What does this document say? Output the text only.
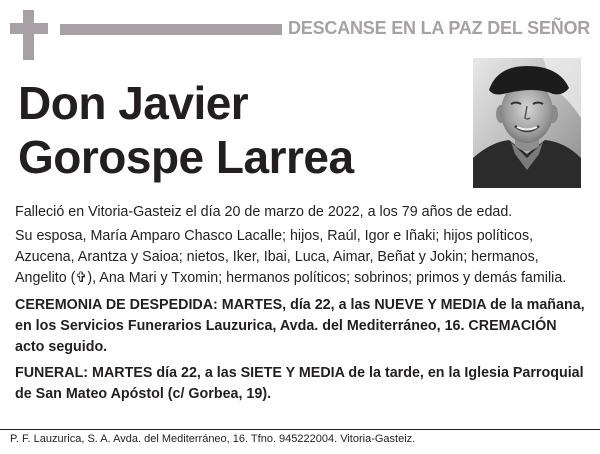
DESCANSE EN LA PAZ DEL SEÑOR
Don Javier
Gorospe Larrea

Falleció en Vitoria-Gasteiz el día 20 de marzo de 2022, a los 79 años de edad.

Su esposa, María Amparo Chasco Lacalle; hijos, Raúl, Igor e Iñaki; hijos políticos, Azucena, Arantza y Saioa; nietos, Iker, Ibai, Luca, Aimar, Beñat y Jokin; hermanos, Angelito (✞), Ana Mari y Txomin; hermanos políticos; sobrinos; primos y demás familia.

CEREMONIA DE DESPEDIDA: MARTES, día 22, a las NUEVE Y MEDIA de la mañana, en los Servicios Funerarios Lauzurica, Avda. del Mediterráneo, 16. CREMACIÓN acto seguido.

FUNERAL: MARTES día 22, a las SIETE Y MEDIA de la tarde, en la Iglesia Parroquial de San Mateo Apóstol (c/ Gorbea, 19).

P. F. Lauzurica, S. A. Avda. del Mediterráneo, 16. Tfno. 945222004. Vitoria-Gasteiz.
